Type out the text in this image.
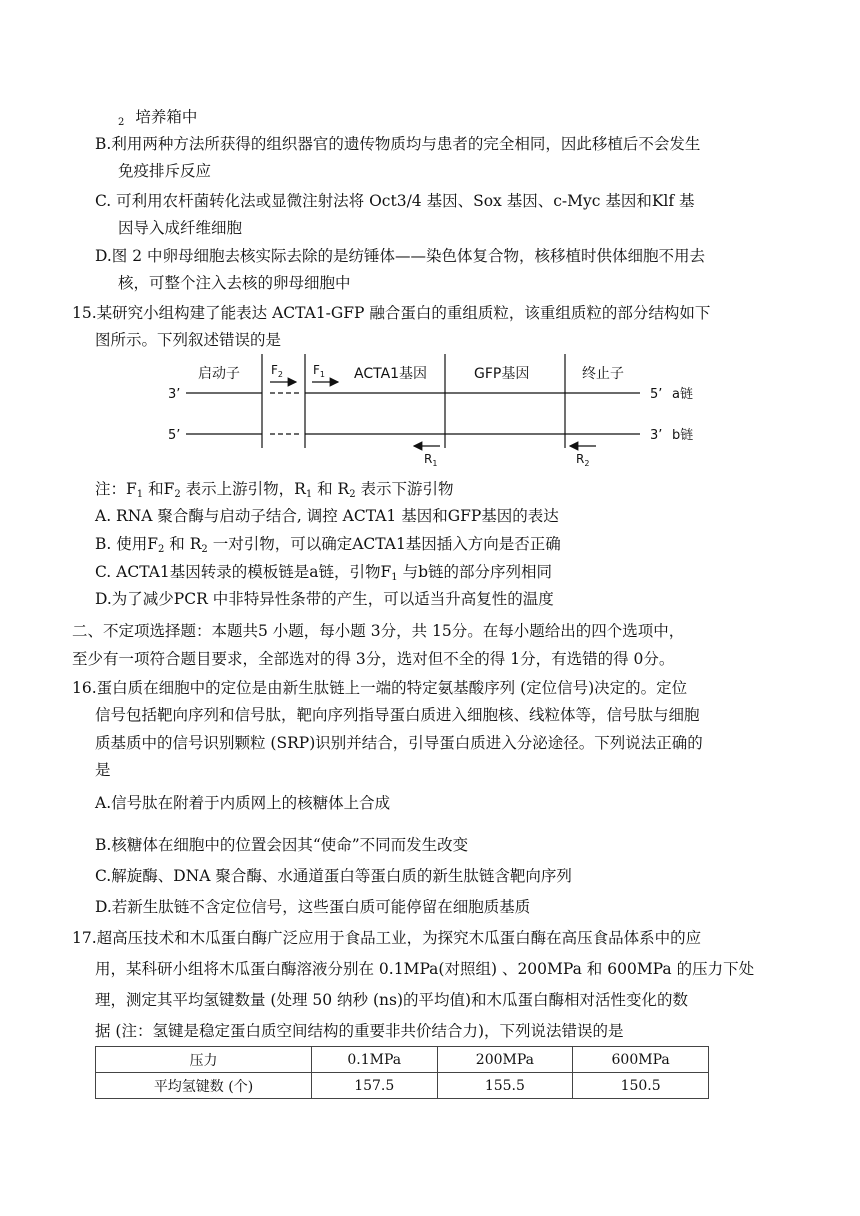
$_2$ 培养箱中
B.利用两种方法所获得的组织器官的遗传物质均与患者的完全相同，因此移植后不会发生
免疫排斥反应
C. 可利用农杆菌转化法或显微注射法将 Oct3/4 基因、Sox 基因、c-Myc 基因和Klf 基
因导入成纤维细胞
D.图 2 中卵母细胞去核实际去除的是纺锤体——染色体复合物，核移植时供体细胞不用去
核，可整个注入去核的卵母细胞中
15.某研究小组构建了能表达 ACTA1-GFP 融合蛋白的重组质粒，该重组质粒的部分结构如下
图所示。下列叙述错误的是
启动子	$F_2$	$F_1$ ACTA1基因	GFP基因	终止子
3’	5’ a链
5’	3’ b链
$R_1$	$R_2$
注：$F_1$ 和$F_2$ 表示上游引物，$R_1$ 和 $R_2$ 表示下游引物
A. RNA 聚合酶与启动子结合, 调控 ACTA1 基因和GFP基因的表达
B. 使用$F_2$ 和 $R_2$ 一对引物，可以确定ACTA1基因插入方向是否正确
C. ACTA1基因转录的模板链是a链，引物$F_1$ 与b链的部分序列相同
D.为了减少PCR 中非特异性条带的产生，可以适当升高复性的温度
二、不定项选择题：本题共5 小题，每小题 3分，共 15分。在每小题给出的四个选项中，
至少有一项符合题目要求，全部选对的得 3分，选对但不全的得 1分，有选错的得 0分。
16.蛋白质在细胞中的定位是由新生肽链上一端的特定氨基酸序列 (定位信号)决定的。定位
信号包括靶向序列和信号肽，靶向序列指导蛋白质进入细胞核、线粒体等，信号肽与细胞
质基质中的信号识别颗粒 (SRP)识别并结合，引导蛋白质进入分泌途径。下列说法正确的
是
A.信号肽在附着于内质网上的核糖体上合成
B.核糖体在细胞中的位置会因其“使命”不同而发生改变
C.解旋酶、DNA 聚合酶、水通道蛋白等蛋白质的新生肽链含靶向序列
D.若新生肽链不含定位信号，这些蛋白质可能停留在细胞质基质
17.超高压技术和木瓜蛋白酶广泛应用于食品工业，为探究木瓜蛋白酶在高压食品体系中的应
用，某科研小组将木瓜蛋白酶溶液分别在 0.1MPa(对照组) 、200MPa 和 600MPa 的压力下处
理，测定其平均氢键数量 (处理 50 纳秒 (ns)的平均值)和木瓜蛋白酶相对活性变化的数
据 (注：氢键是稳定蛋白质空间结构的重要非共价结合力)，下列说法错误的是
压力	0.1MPa	200MPa	600MPa
平均氢键数 (个)	157.5	155.5	150.5
